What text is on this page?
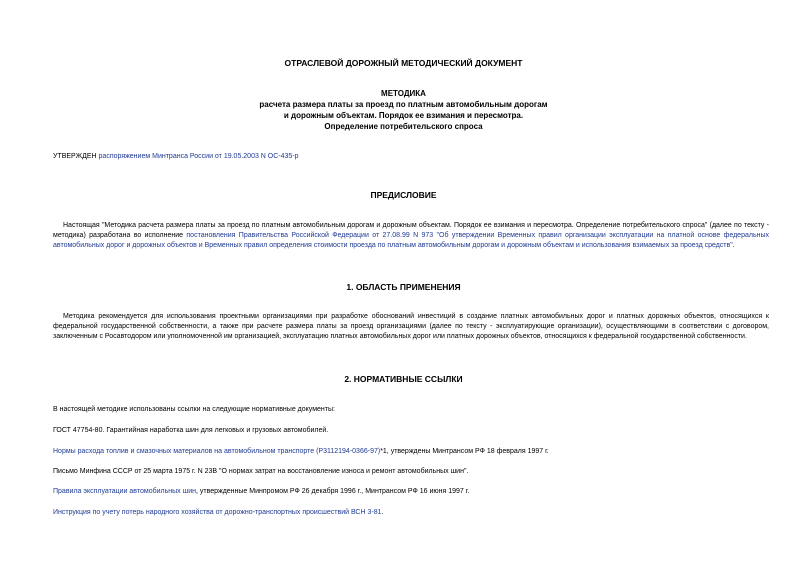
ОТРАСЛЕВОЙ ДОРОЖНЫЙ МЕТОДИЧЕСКИЙ ДОКУМЕНТ
МЕТОДИКА
расчета размера платы за проезд по платным автомобильным дорогам
и дорожным объектам. Порядок ее взимания и пересмотра.
Определение потребительского спроса
УТВЕРЖДЕН распоряжением Минтранса России от 19.05.2003 N ОС-435-р
ПРЕДИСЛОВИЕ
Настоящая "Методика расчета размера платы за проезд по платным автомобильным дорогам и дорожным объектам. Порядок ее взимания и пересмотра. Определение потребительского спроса" (далее по тексту - методика) разработана во исполнение постановления Правительства Российской Федерации от 27.08.99 N 973 "Об утверждении Временных правил организации эксплуатации на платной основе федеральных автомобильных дорог и дорожных объектов и Временных правил определения стоимости проезда по платным автомобильным дорогам и дорожным объектам и использования взимаемых за проезд средств".
1. ОБЛАСТЬ ПРИМЕНЕНИЯ
Методика рекомендуется для использования проектными организациями при разработке обоснований инвестиций в создание платных автомобильных дорог и платных дорожных объектов, относящихся к федеральной государственной собственности, а также при расчете размера платы за проезд организациями (далее по тексту - эксплуатирующие организации), осуществляющими в соответствии с договором, заключенным с Росавтодором или уполномоченной им организацией, эксплуатацию платных автомобильных дорог или платных дорожных объектов, относящихся к федеральной государственной собственности.
2. НОРМАТИВНЫЕ ССЫЛКИ
В настоящей методике использованы ссылки на следующие нормативные документы:
ГОСТ 47754-80. Гарантийная наработка шин для легковых и грузовых автомобилей.
Нормы расхода топлив и смазочных материалов на автомобильном транспорте (Р3112194-0366-97)*1, утверждены Минтрансом РФ 18 февраля 1997 г.
Письмо Минфина СССР от 25 марта 1975 г. N 23В "О нормах затрат на восстановление износа и ремонт автомобильных шин".
Правила эксплуатации автомобильных шин, утвержденные Минпромом РФ 26 декабря 1996 г., Минтрансом РФ 16 июня 1997 г.
Инструкция по учету потерь народного хозяйства от дорожно-транспортных происшествий ВСН 3-81.
